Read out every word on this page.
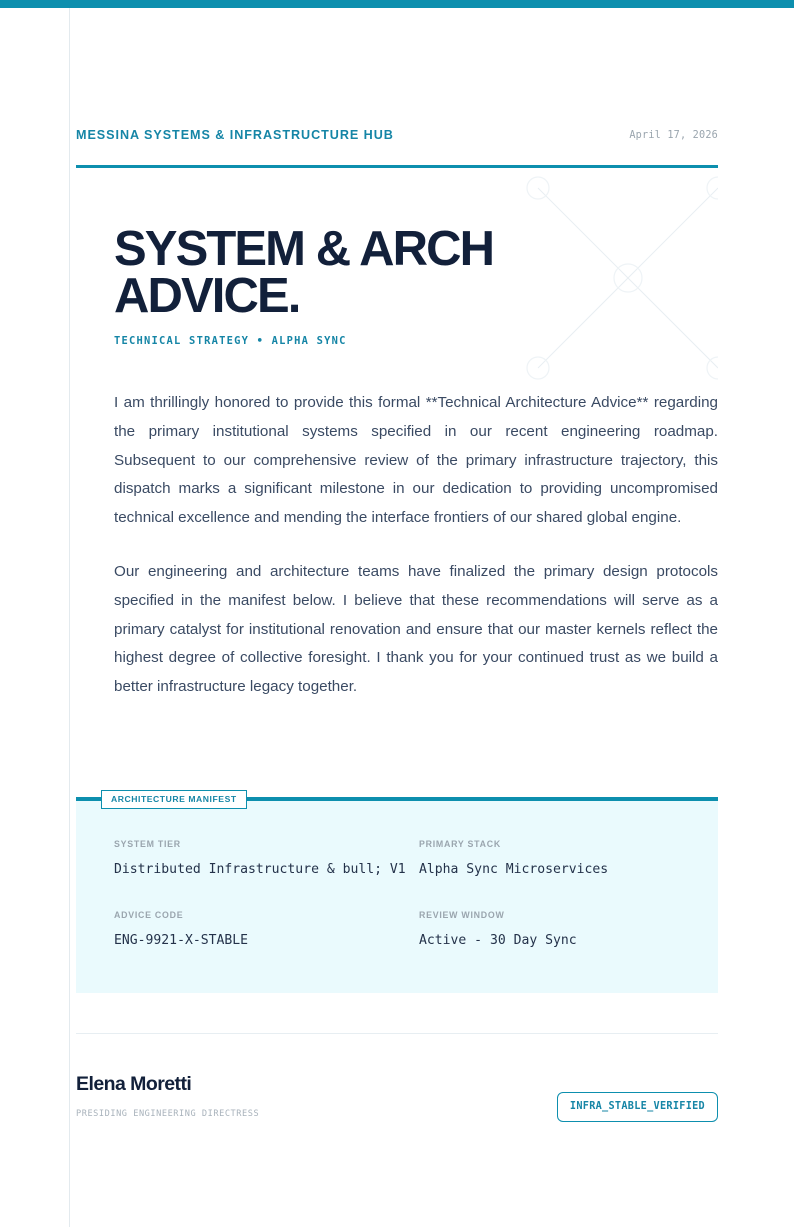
MESSINA SYSTEMS & INFRASTRUCTURE HUB	April 17, 2026
SYSTEM & ARCH ADVICE.
TECHNICAL STRATEGY • ALPHA SYNC

I am thrillingly honored to provide this formal **Technical Architecture Advice** regarding the primary institutional systems specified in our recent engineering roadmap. Subsequent to our comprehensive review of the primary infrastructure trajectory, this dispatch marks a significant milestone in our dedication to providing uncompromised technical excellence and mending the interface frontiers of our shared global engine.

Our engineering and architecture teams have finalized the primary design protocols specified in the manifest below. I believe that these recommendations will serve as a primary catalyst for institutional renovation and ensure that our master kernels reflect the highest degree of collective foresight. I thank you for your continued trust as we build a better infrastructure legacy together.

ARCHITECTURE MANIFEST
SYSTEM TIER
Distributed Infrastructure & bull; V1
PRIMARY STACK
Alpha Sync Microservices
ADVICE CODE
ENG-9921-X-STABLE
REVIEW WINDOW
Active - 30 Day Sync
Elena Moretti
PRESIDING ENGINEERING DIRECTRESS
INFRA_STABLE_VERIFIED
